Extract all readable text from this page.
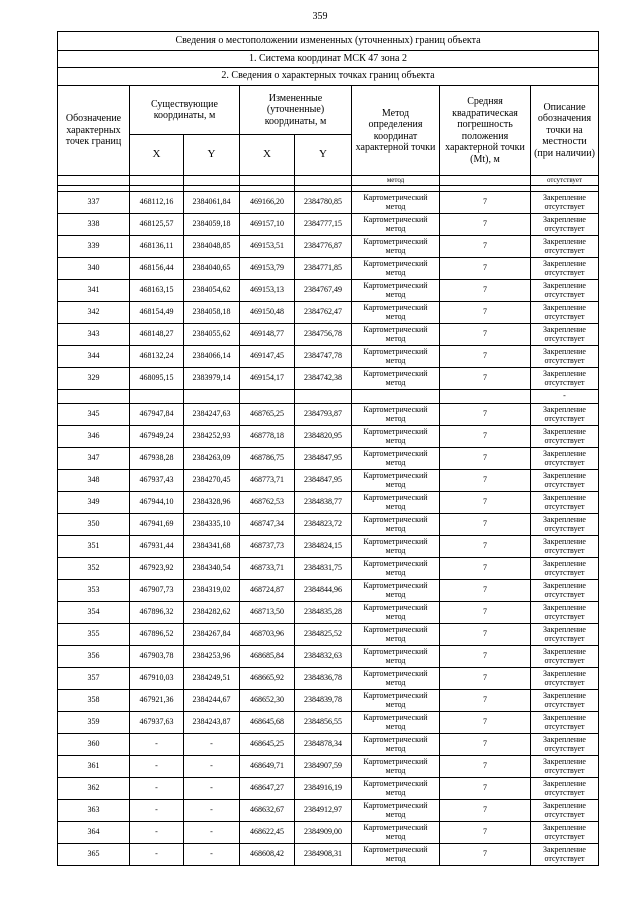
359
Сведения о местоположении измененных (уточненных) границ объекта							
1. Система координат МСК 47 зона 2							
2. Сведения о характерных точках границ объекта							
Обозначение характерных точек границ	Существующие координаты, м		Измененные (уточненные) координаты, м		Метод определения координат характерной точки	Средняя квадратическая погрешность положения характерной точки (Mt), м	Описание обозначения точки на местности (при наличии)
	X	Y	X	Y			
					метод		отсутствует

337	468112,16	2384061,84	469166,20	2384780,85	Картометрический метод	7	Закрепление отсутствует
338	468125,57	2384059,18	469157,10	2384777,15	Картометрический метод	7	Закрепление отсутствует
339	468136,11	2384048,85	469153,51	2384776,87	Картометрический метод	7	Закрепление отсутствует
340	468156,44	2384040,65	469153,79	2384771,85	Картометрический метод	7	Закрепление отсутствует
341	468163,15	2384054,62	469153,13	2384767,49	Картометрический метод	7	Закрепление отсутствует
342	468154,49	2384058,18	469150,48	2384762,47	Картометрический метод	7	Закрепление отсутствует
343	468148,27	2384055,62	469148,77	2384756,78	Картометрический метод	7	Закрепление отсутствует
344	468132,24	2384066,14	469147,45	2384747,78	Картометрический метод	7	Закрепление отсутствует
329	468095,15	2383979,14	469154,17	2384742,38	Картометрический метод	7	Закрепление отсутствует
							-
345	467947,84	2384247,63	468765,25	2384793,87	Картометрический метод	7	Закрепление отсутствует
346	467949,24	2384252,93	468778,18	2384820,95	Картометрический метод	7	Закрепление отсутствует
347	467938,28	2384263,09	468786,75	2384847,95	Картометрический метод	7	Закрепление отсутствует
348	467937,43	2384270,45	468773,71	2384847,95	Картометрический метод	7	Закрепление отсутствует
349	467944,10	2384328,96	468762,53	2384838,77	Картометрический метод	7	Закрепление отсутствует
350	467941,69	2384335,10	468747,34	2384823,72	Картометрический метод	7	Закрепление отсутствует
351	467931,44	2384341,68	468737,73	2384824,15	Картометрический метод	7	Закрепление отсутствует
352	467923,92	2384340,54	468733,71	2384831,75	Картометрический метод	7	Закрепление отсутствует
353	467907,73	2384319,02	468724,87	2384844,96	Картометрический метод	7	Закрепление отсутствует
354	467896,32	2384282,62	468713,50	2384835,28	Картометрический метод	7	Закрепление отсутствует
355	467896,52	2384267,84	468703,96	2384825,52	Картометрический метод	7	Закрепление отсутствует
356	467903,78	2384253,96	468685,84	2384832,63	Картометрический метод	7	Закрепление отсутствует
357	467910,03	2384249,51	468665,92	2384836,78	Картометрический метод	7	Закрепление отсутствует
358	467921,36	2384244,67	468652,30	2384839,78	Картометрический метод	7	Закрепление отсутствует
359	467937,63	2384243,87	468645,68	2384856,55	Картометрический метод	7	Закрепление отсутствует
360	-	-	468645,25	2384878,34	Картометрический метод	7	Закрепление отсутствует
361	-	-	468649,71	2384907,59	Картометрический метод	7	Закрепление отсутствует
362	-	-	468647,27	2384916,19	Картометрический метод	7	Закрепление отсутствует
363	-	-	468632,67	2384912,97	Картометрический метод	7	Закрепление отсутствует
364	-	-	468622,45	2384909,00	Картометрический метод	7	Закрепление отсутствует
365	-	-	468608,42	2384908,31	Картометрический метод	7	Закрепление отсутствует
